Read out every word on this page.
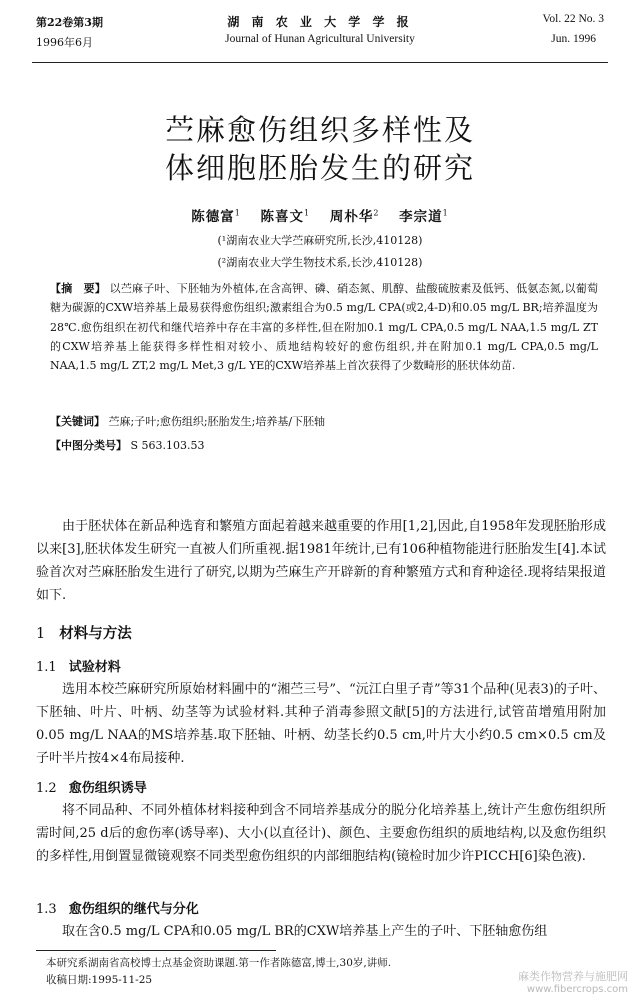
第22卷第3期
1996年6月
湖 南 农 业 大 学 学 报
Journal of Hunan Agricultural University
Vol. 22 No. 3
Jun. 1996
苎麻愈伤组织多样性及
体细胞胚胎发生的研究
陈德富$^1$ 陈喜文$^1$ 周朴华$^2$ 李宗道$^1$
(¹湖南农业大学苎麻研究所,长沙,410128)
(²湖南农业大学生物技术系,长沙,410128)
【摘　要】 以苎麻子叶、下胚轴为外植体,在含高钾、磷、硝态氮、肌醇、盐酸硫胺素及低钙、低氨态氮,以葡萄糖为碳源的CXW培养基上最易获得愈伤组织;激素组合为0.5 mg/L CPA(或2,4-D)和0.05 mg/L BR;培养温度为28℃.愈伤组织在初代和继代培养中存在丰富的多样性,但在附加0.1 mg/L CPA,0.5 mg/L NAA,1.5 mg/L ZT的CXW培养基上能获得多样性相对较小、质地结构较好的愈伤组织,并在附加0.1 mg/L CPA,0.5 mg/L NAA,1.5 mg/L ZT,2 mg/L Met,3 g/L YE的CXW培养基上首次获得了少数畸形的胚状体幼苗.
【关键词】 苎麻;子叶;愈伤组织;胚胎发生;培养基/下胚轴
【中图分类号】 S 563.103.53
由于胚状体在新品种选育和繁殖方面起着越来越重要的作用[1,2],因此,自1958年发现胚胎形成以来[3],胚状体发生研究一直被人们所重视.据1981年统计,已有106种植物能进行胚胎发生[4].本试验首次对苎麻胚胎发生进行了研究,以期为苎麻生产开辟新的育种繁殖方式和育种途径.现将结果报道如下.
1 材料与方法
1.1 试验材料
选用本校苎麻研究所原始材料圃中的“湘苎三号”、“沅江白里子青”等31个品种(见表3)的子叶、下胚轴、叶片、叶柄、幼茎等为试验材料.其种子消毒参照文献[5]的方法进行,试管苗增殖用附加0.05 mg/L NAA的MS培养基.取下胚轴、叶柄、幼茎长约0.5 cm,叶片大小约0.5 cm×0.5 cm及子叶半片按4×4布局接种.
1.2 愈伤组织诱导
将不同品种、不同外植体材料接种到含不同培养基成分的脱分化培养基上,统计产生愈伤组织所需时间,25 d后的愈伤率(诱导率)、大小(以直径计)、颜色、主要愈伤组织的质地结构,以及愈伤组织的多样性,用倒置显微镜观察不同类型愈伤组织的内部细胞结构(镜检时加少许PICCH[6]染色液).
1.3 愈伤组织的继代与分化
取在含0.5 mg/L CPA和0.05 mg/L BR的CXW培养基上产生的子叶、下胚轴愈伤组
本研究系湖南省高校博士点基金资助课题.第一作者陈德富,博士,30岁,讲师.
收稿日期:1995-11-25	麻类作物营养与施肥网
www.fibercrops.com
